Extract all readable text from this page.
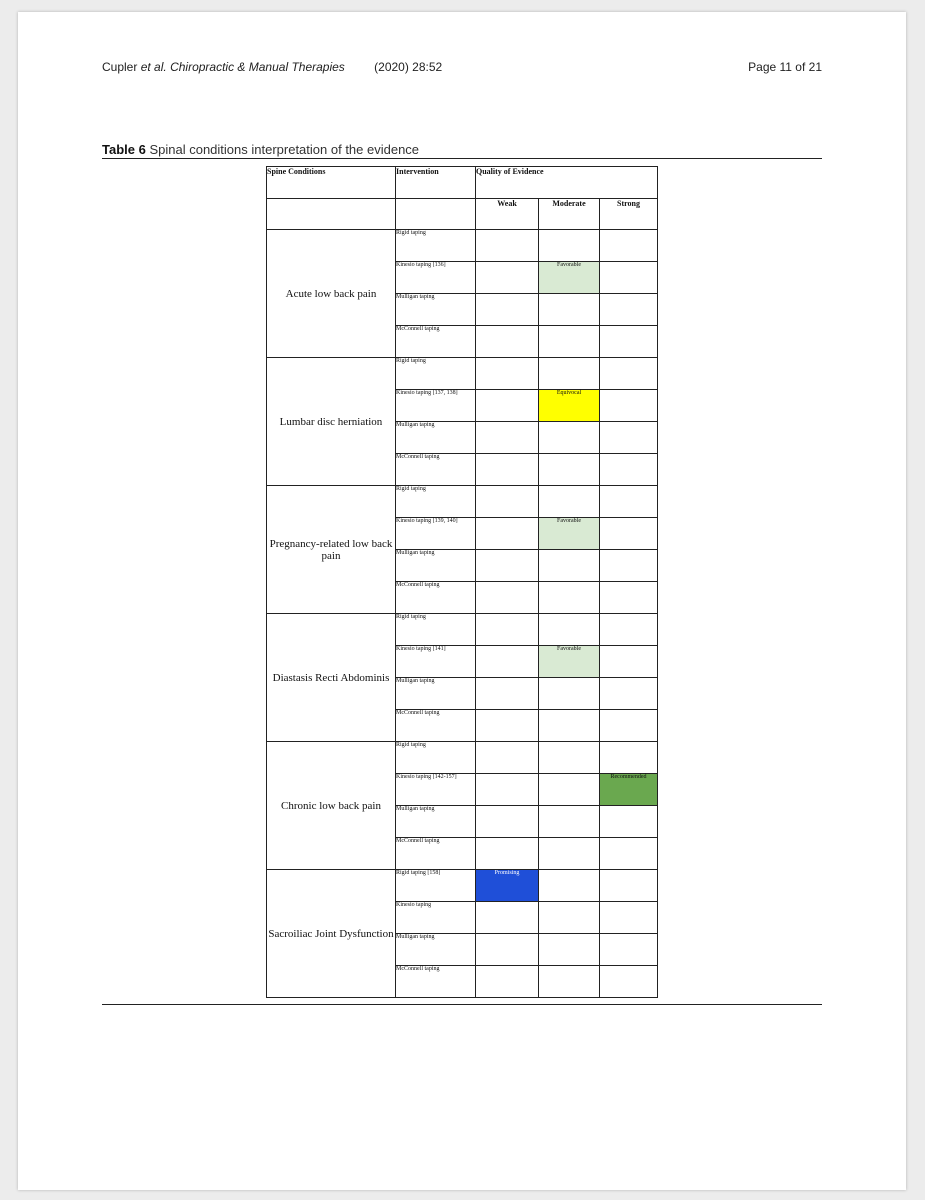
Cupler et al. Chiropractic & Manual Therapies (2020) 28:52	Page 11 of 21
Table 6 Spinal conditions interpretation of the evidence
Spine Conditions	Intervention	Quality of Evidence		
		Weak	Moderate	Strong
Acute low back pain	Rigid taping			
	Kinesio taping [136]		Favorable	
	Mulligan taping			
	McConnell taping			
Lumbar disc herniation	Rigid taping			
	Kinesio taping [137, 138]		Equivocal	
	Mulligan taping			
	McConnell taping			
Pregnancy-related low back pain	Rigid taping			
	Kinesio taping [139, 140]		Favorable	
	Mulligan taping			
	McConnell taping			
Diastasis Recti Abdominis	Rigid taping			
	Kinesio taping [141]		Favorable	
	Mulligan taping			
	McConnell taping			
Chronic low back pain	Rigid taping			
	Kinesio taping [142-157]			Recommended
	Mulligan taping			
	McConnell taping			
Sacroiliac Joint Dysfunction	Rigid taping [158]	Promising		
	Kinesio taping			
	Mulligan taping			
	McConnell taping			
